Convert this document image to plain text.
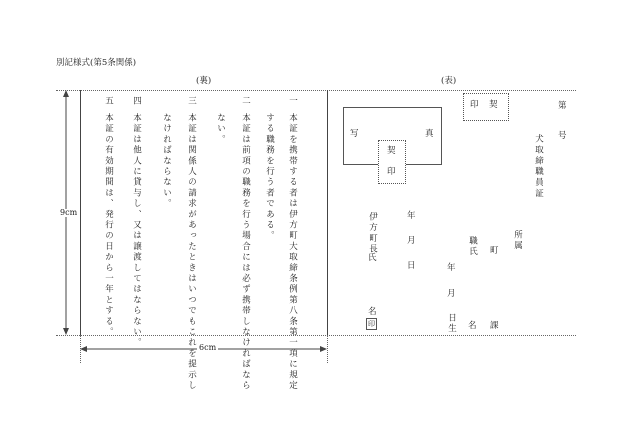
別記様式(第5条関係)
(裏)	(表)
9cm
6cm
一
本証を携帯する者は伊方町大取締条例第八条第一項に規定
する職務を行う者である。
二
本証は前項の職務を行う場合には必ず携帯しなければなら
ない。
三
本証は関係人の請求があったときはいつでもこれを提示し
なければならない。
四
本証は他人に貸与し、又は譲渡してはならない。
五
本証の有効期間は、発行の日から一年とする。	写	真
契
印
印 契	第
号
犬取締職員証
所属
町
課
職氏
名
年
月
日生
年
月
日
伊方町長
氏
名
印
